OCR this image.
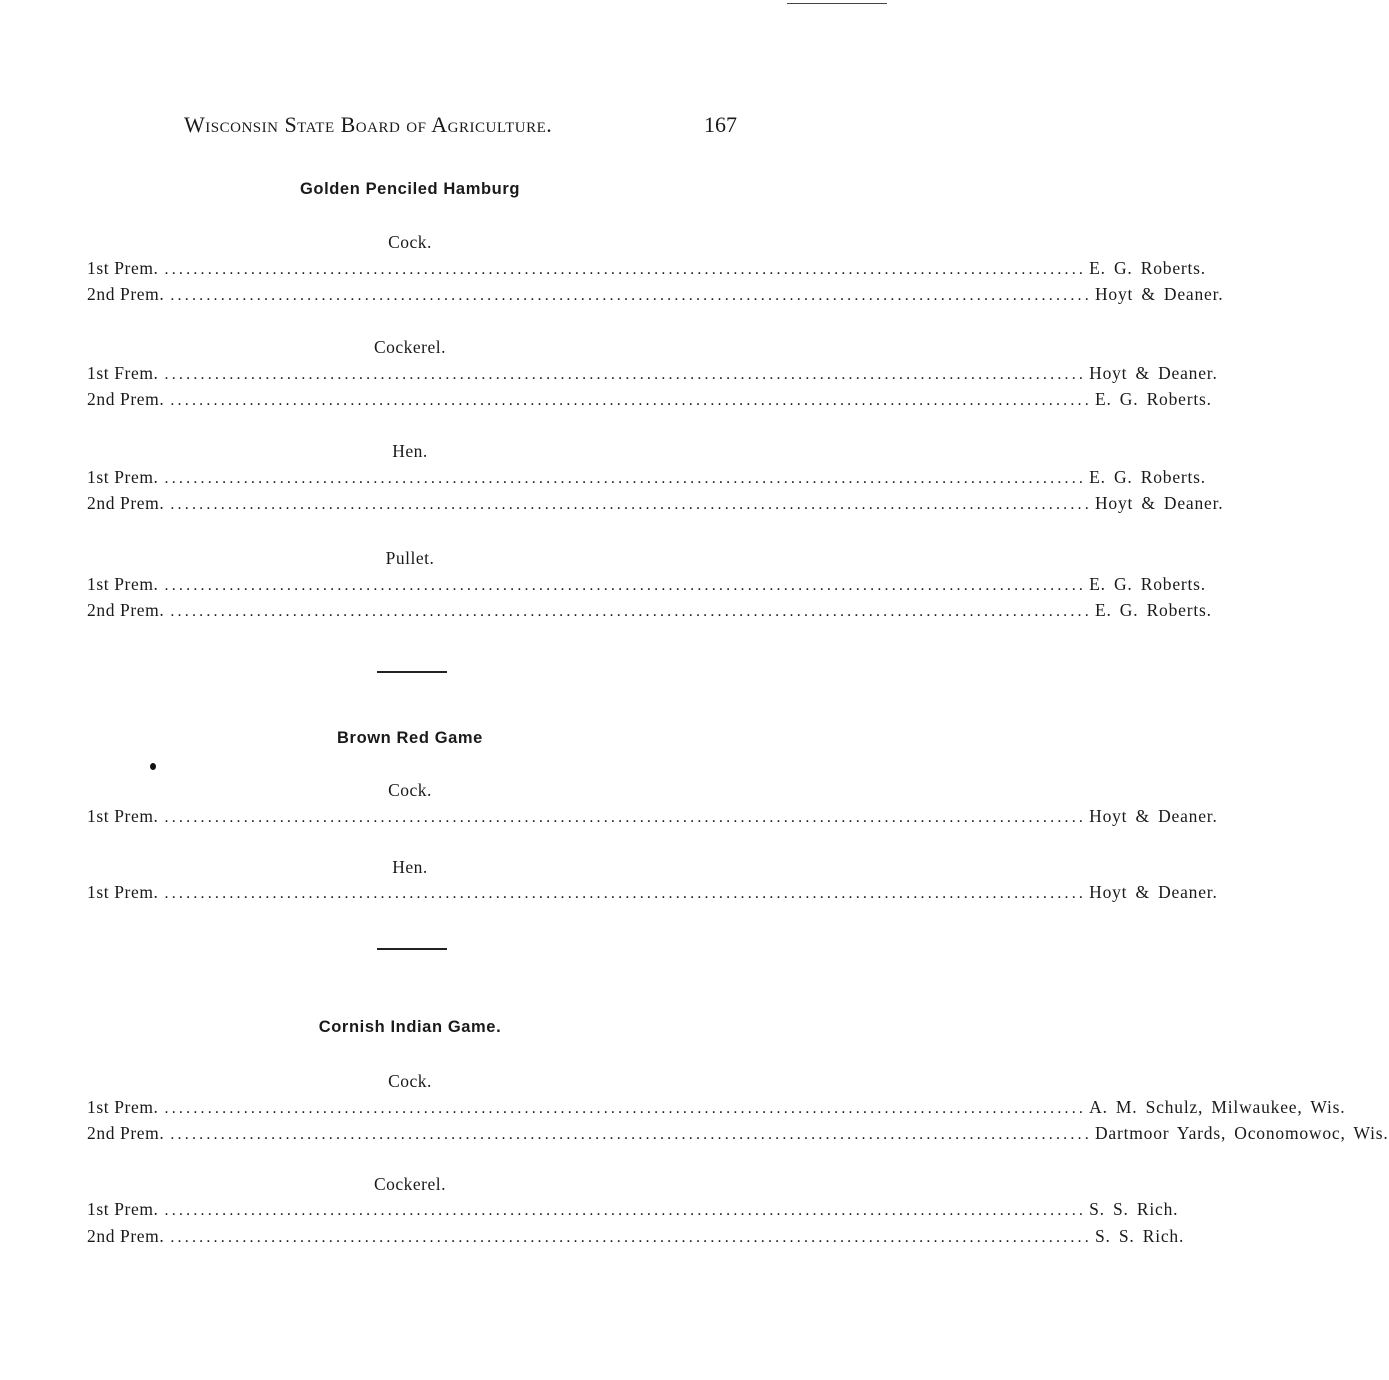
Wisconsin State Board of Agriculture.	167
Golden Penciled Hamburg
Cock.
1st Prem. ................................................................................................................................ E. G. Roberts.
2nd Prem. ................................................................................................................................ Hoyt & Deaner.
Cockerel.
1st Frem. ................................................................................................................................ Hoyt & Deaner.
2nd Prem. ................................................................................................................................ E. G. Roberts.
Hen.
1st Prem. ................................................................................................................................ E. G. Roberts.
2nd Prem. ................................................................................................................................ Hoyt & Deaner.
Pullet.
1st Prem. ................................................................................................................................ E. G. Roberts.
2nd Prem. ................................................................................................................................ E. G. Roberts.
Brown Red Game
Cock.
1st Prem. ................................................................................................................................ Hoyt & Deaner.
Hen.
1st Prem. ................................................................................................................................ Hoyt & Deaner.
Cornish Indian Game.
Cock.
1st Prem. ................................................................................................................................ A. M. Schulz, Milwaukee, Wis.
2nd Prem. ................................................................................................................................ Dartmoor Yards, Oconomowoc, Wis.
Cockerel.
1st Prem. ................................................................................................................................ S. S. Rich.
2nd Prem. ................................................................................................................................ S. S. Rich.
